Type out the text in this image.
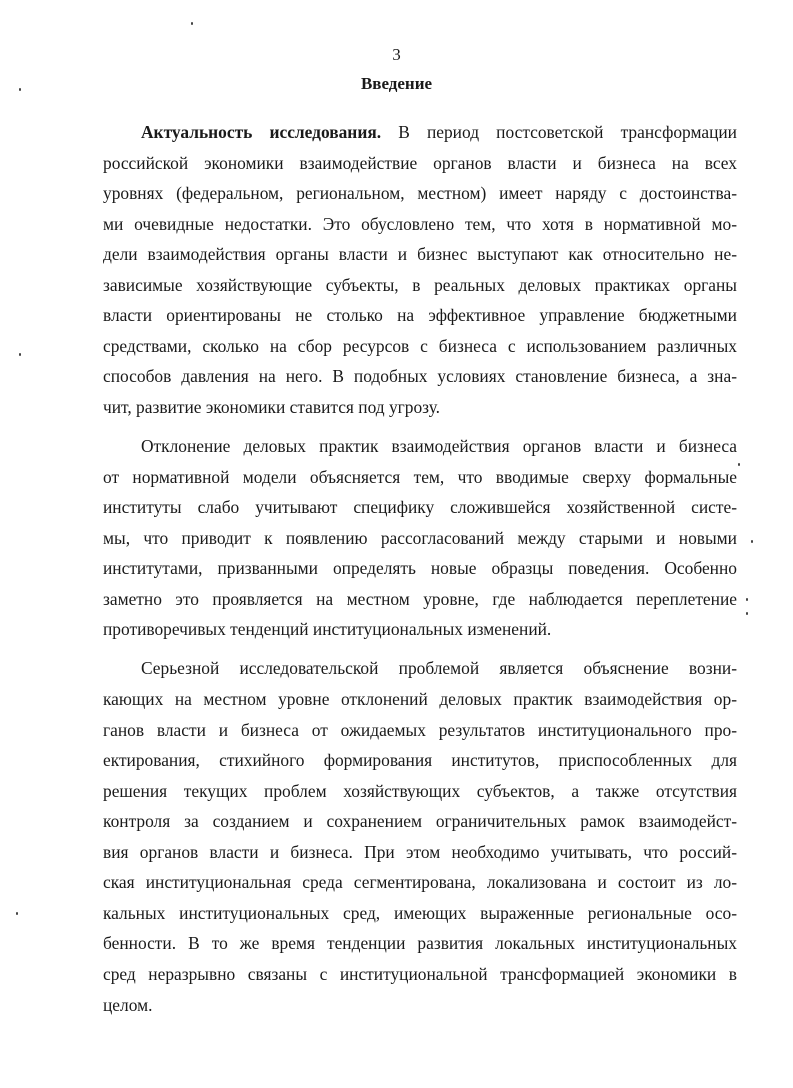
3
Введение
Актуальность исследования. В период постсоветской трансформации
российской экономики взаимодействие органов власти и бизнеса на всех
уровнях (федеральном, региональном, местном) имеет наряду с достоинства-
ми очевидные недостатки. Это обусловлено тем, что хотя в нормативной мо-
дели взаимодействия органы власти и бизнес выступают как относительно не-
зависимые хозяйствующие субъекты, в реальных деловых практиках органы
власти ориентированы не столько на эффективное управление бюджетными
средствами, сколько на сбор ресурсов с бизнеса с использованием различных
способов давления на него. В подобных условиях становление бизнеса, а зна-
чит, развитие экономики ставится под угрозу.
Отклонение деловых практик взаимодействия органов власти и бизнеса
от нормативной модели объясняется тем, что вводимые сверху формальные
институты слабо учитывают специфику сложившейся хозяйственной систе-
мы, что приводит к появлению рассогласований между старыми и новыми
институтами, призванными определять новые образцы поведения. Особенно
заметно это проявляется на местном уровне, где наблюдается переплетение
противоречивых тенденций институциональных изменений.
Серьезной исследовательской проблемой является объяснение возни-
кающих на местном уровне отклонений деловых практик взаимодействия ор-
ганов власти и бизнеса от ожидаемых результатов институционального про-
ектирования, стихийного формирования институтов, приспособленных для
решения текущих проблем хозяйствующих субъектов, а также отсутствия
контроля за созданием и сохранением ограничительных рамок взаимодейст-
вия органов власти и бизнеса. При этом необходимо учитывать, что россий-
ская институциональная среда сегментирована, локализована и состоит из ло-
кальных институциональных сред, имеющих выраженные региональные осо-
бенности. В то же время тенденции развития локальных институциональных
сред неразрывно связаны с институциональной трансформацией экономики в
целом.
